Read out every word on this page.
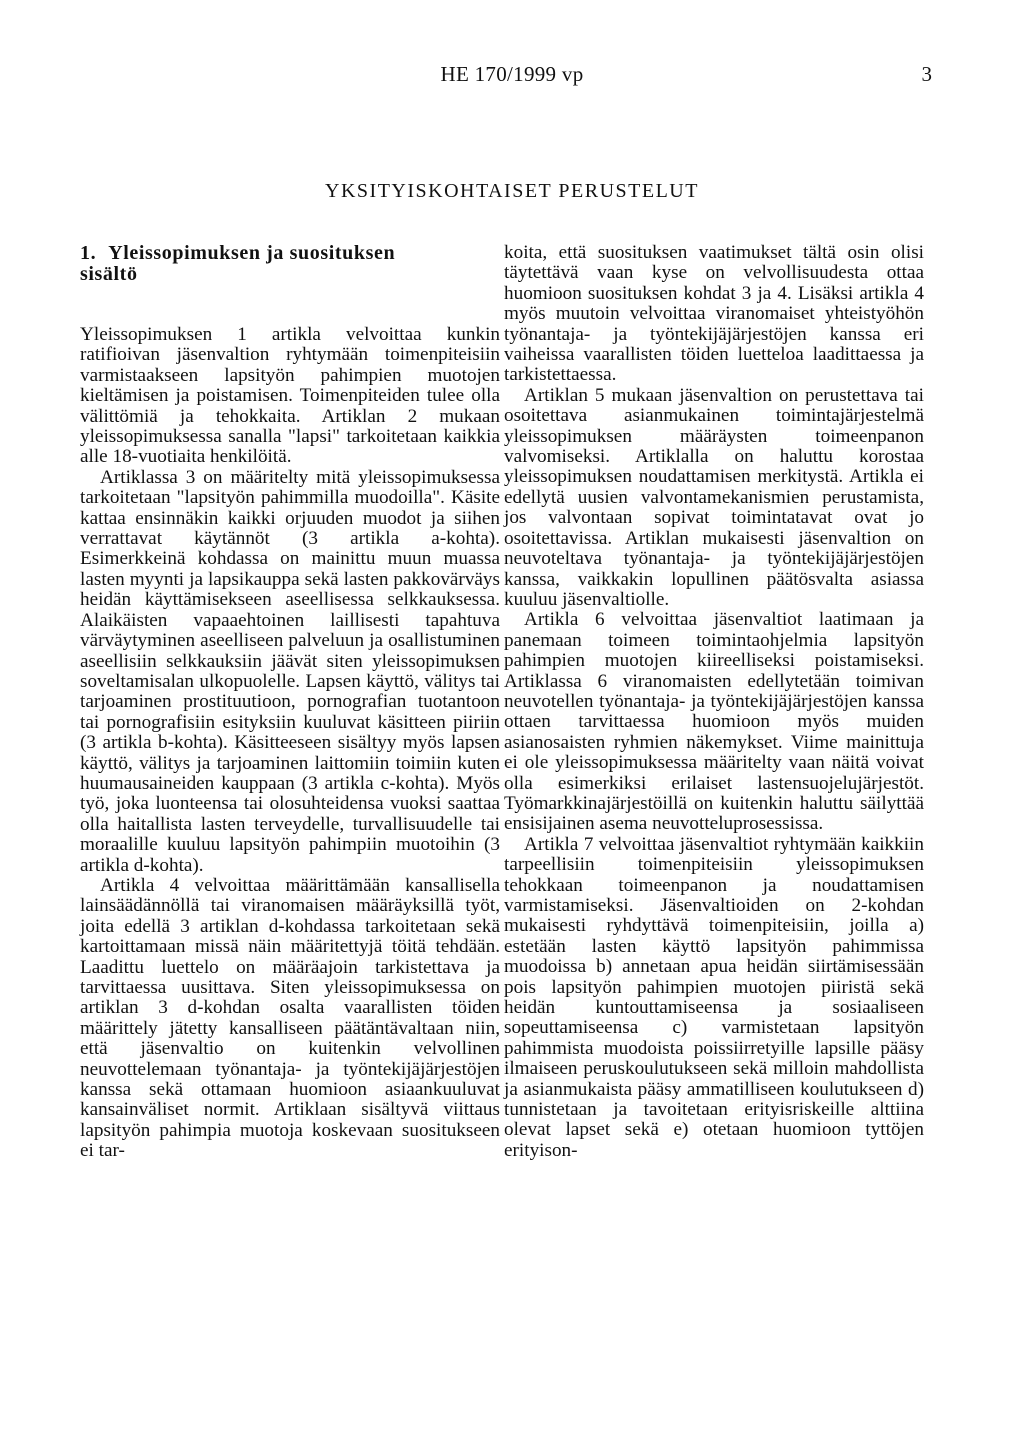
HE 170/1999 vp	3
YKSITYISKOHTAISET PERUSTELUT
1. Yleissopimuksen ja suosituksen
sisältö

Yleissopimuksen 1 artikla velvoittaa kunkin ratifioivan jäsenvaltion ryhtymään toimenpiteisiin varmistaakseen lapsityön pahimpien muotojen kieltämisen ja poistamisen. Toimenpiteiden tulee olla välittömiä ja tehokkaita. Artiklan 2 mukaan yleissopimuksessa sanalla "lapsi" tarkoitetaan kaikkia alle 18-vuotiaita henkilöitä.

Artiklassa 3 on määritelty mitä yleissopimuksessa tarkoitetaan "lapsityön pahimmilla muodoilla". Käsite kattaa ensinnäkin kaikki orjuuden muodot ja siihen verrattavat käytännöt (3 artikla a-kohta). Esimerkkeinä kohdassa on mainittu muun muassa lasten myynti ja lapsikauppa sekä lasten pakkovärväys heidän käyttämisekseen aseellisessa selkkauksessa. Alaikäisten vapaaehtoinen laillisesti tapahtuva värväytyminen aseelliseen palveluun ja osallistuminen aseellisiin selkkauksiin jäävät siten yleissopimuksen soveltamisalan ulkopuolelle. Lapsen käyttö, välitys tai tarjoaminen prostituutioon, pornografian tuotantoon tai pornografisiin esityksiin kuuluvat käsitteen piiriin (3 artikla b-kohta). Käsitteeseen sisältyy myös lapsen käyttö, välitys ja tarjoaminen laittomiin toimiin kuten huumausaineiden kauppaan (3 artikla c-kohta). Myös työ, joka luonteensa tai olosuhteidensa vuoksi saattaa olla haitallista lasten terveydelle, turvallisuudelle tai moraalille kuuluu lapsityön pahimpiin muotoihin (3 artikla d-kohta).

Artikla 4 velvoittaa määrittämään kansallisella lainsäädännöllä tai viranomaisen määräyksillä työt, joita edellä 3 artiklan d-kohdassa tarkoitetaan sekä kartoittamaan missä näin määritettyjä töitä tehdään. Laadittu luettelo on määräajoin tarkistettava ja tarvittaessa uusittava. Siten yleissopimuksessa on artiklan 3 d-kohdan osalta vaarallisten töiden määrittely jätetty kansalliseen päätäntävaltaan niin, että jäsenvaltio on kuitenkin velvollinen neuvottelemaan työnantaja- ja työntekijäjärjestöjen kanssa sekä ottamaan huomioon asiaankuuluvat kansainväliset normit. Artiklaan sisältyvä viittaus lapsityön pahimpia muotoja koskevaan suositukseen ei tar-

koita, että suosituksen vaatimukset tältä osin olisi täytettävä vaan kyse on velvollisuudesta ottaa huomioon suosituksen kohdat 3 ja 4. Lisäksi artikla 4 myös muutoin velvoittaa viranomaiset yhteistyöhön työnantaja- ja työntekijäjärjestöjen kanssa eri vaiheissa vaarallisten töiden luetteloa laadittaessa ja tarkistettaessa.

Artiklan 5 mukaan jäsenvaltion on perustettava tai osoitettava asianmukainen toimintajärjestelmä yleissopimuksen määräysten toimeenpanon valvomiseksi. Artiklalla on haluttu korostaa yleissopimuksen noudattamisen merkitystä. Artikla ei edellytä uusien valvontamekanismien perustamista, jos valvontaan sopivat toimintatavat ovat jo osoitettavissa. Artiklan mukaisesti jäsenvaltion on neuvoteltava työnantaja- ja työntekijäjärjestöjen kanssa, vaikkakin lopullinen päätösvalta asiassa kuuluu jäsenvaltiolle.

Artikla 6 velvoittaa jäsenvaltiot laatimaan ja panemaan toimeen toimintaohjelmia lapsityön pahimpien muotojen kiireelliseksi poistamiseksi. Artiklassa 6 viranomaisten edellytetään toimivan neuvotellen työnantaja- ja työntekijäjärjestöjen kanssa ottaen tarvittaessa huomioon myös muiden asianosaisten ryhmien näkemykset. Viime mainittuja ei ole yleissopimuksessa määritelty vaan näitä voivat olla esimerkiksi erilaiset lastensuojelujärjestöt. Työmarkkinajärjestöillä on kuitenkin haluttu säilyttää ensisijainen asema neuvotteluprosessissa.

Artikla 7 velvoittaa jäsenvaltiot ryhtymään kaikkiin tarpeellisiin toimenpiteisiin yleissopimuksen tehokkaan toimeenpanon ja noudattamisen varmistamiseksi. Jäsenvaltioiden on 2-kohdan mukaisesti ryhdyttävä toimenpiteisiin, joilla a) estetään lasten käyttö lapsityön pahimmissa muodoissa b) annetaan apua heidän siirtämisessään pois lapsityön pahimpien muotojen piiristä sekä heidän kuntouttamiseensa ja sosiaaliseen sopeuttamiseensa c) varmistetaan lapsityön pahimmista muodoista poissiirretyille lapsille pääsy ilmaiseen peruskoulutukseen sekä milloin mahdollista ja asianmukaista pääsy ammatilliseen koulutukseen d) tunnistetaan ja tavoitetaan erityisriskeille alttiina olevat lapset sekä e) otetaan huomioon tyttöjen erityison-
